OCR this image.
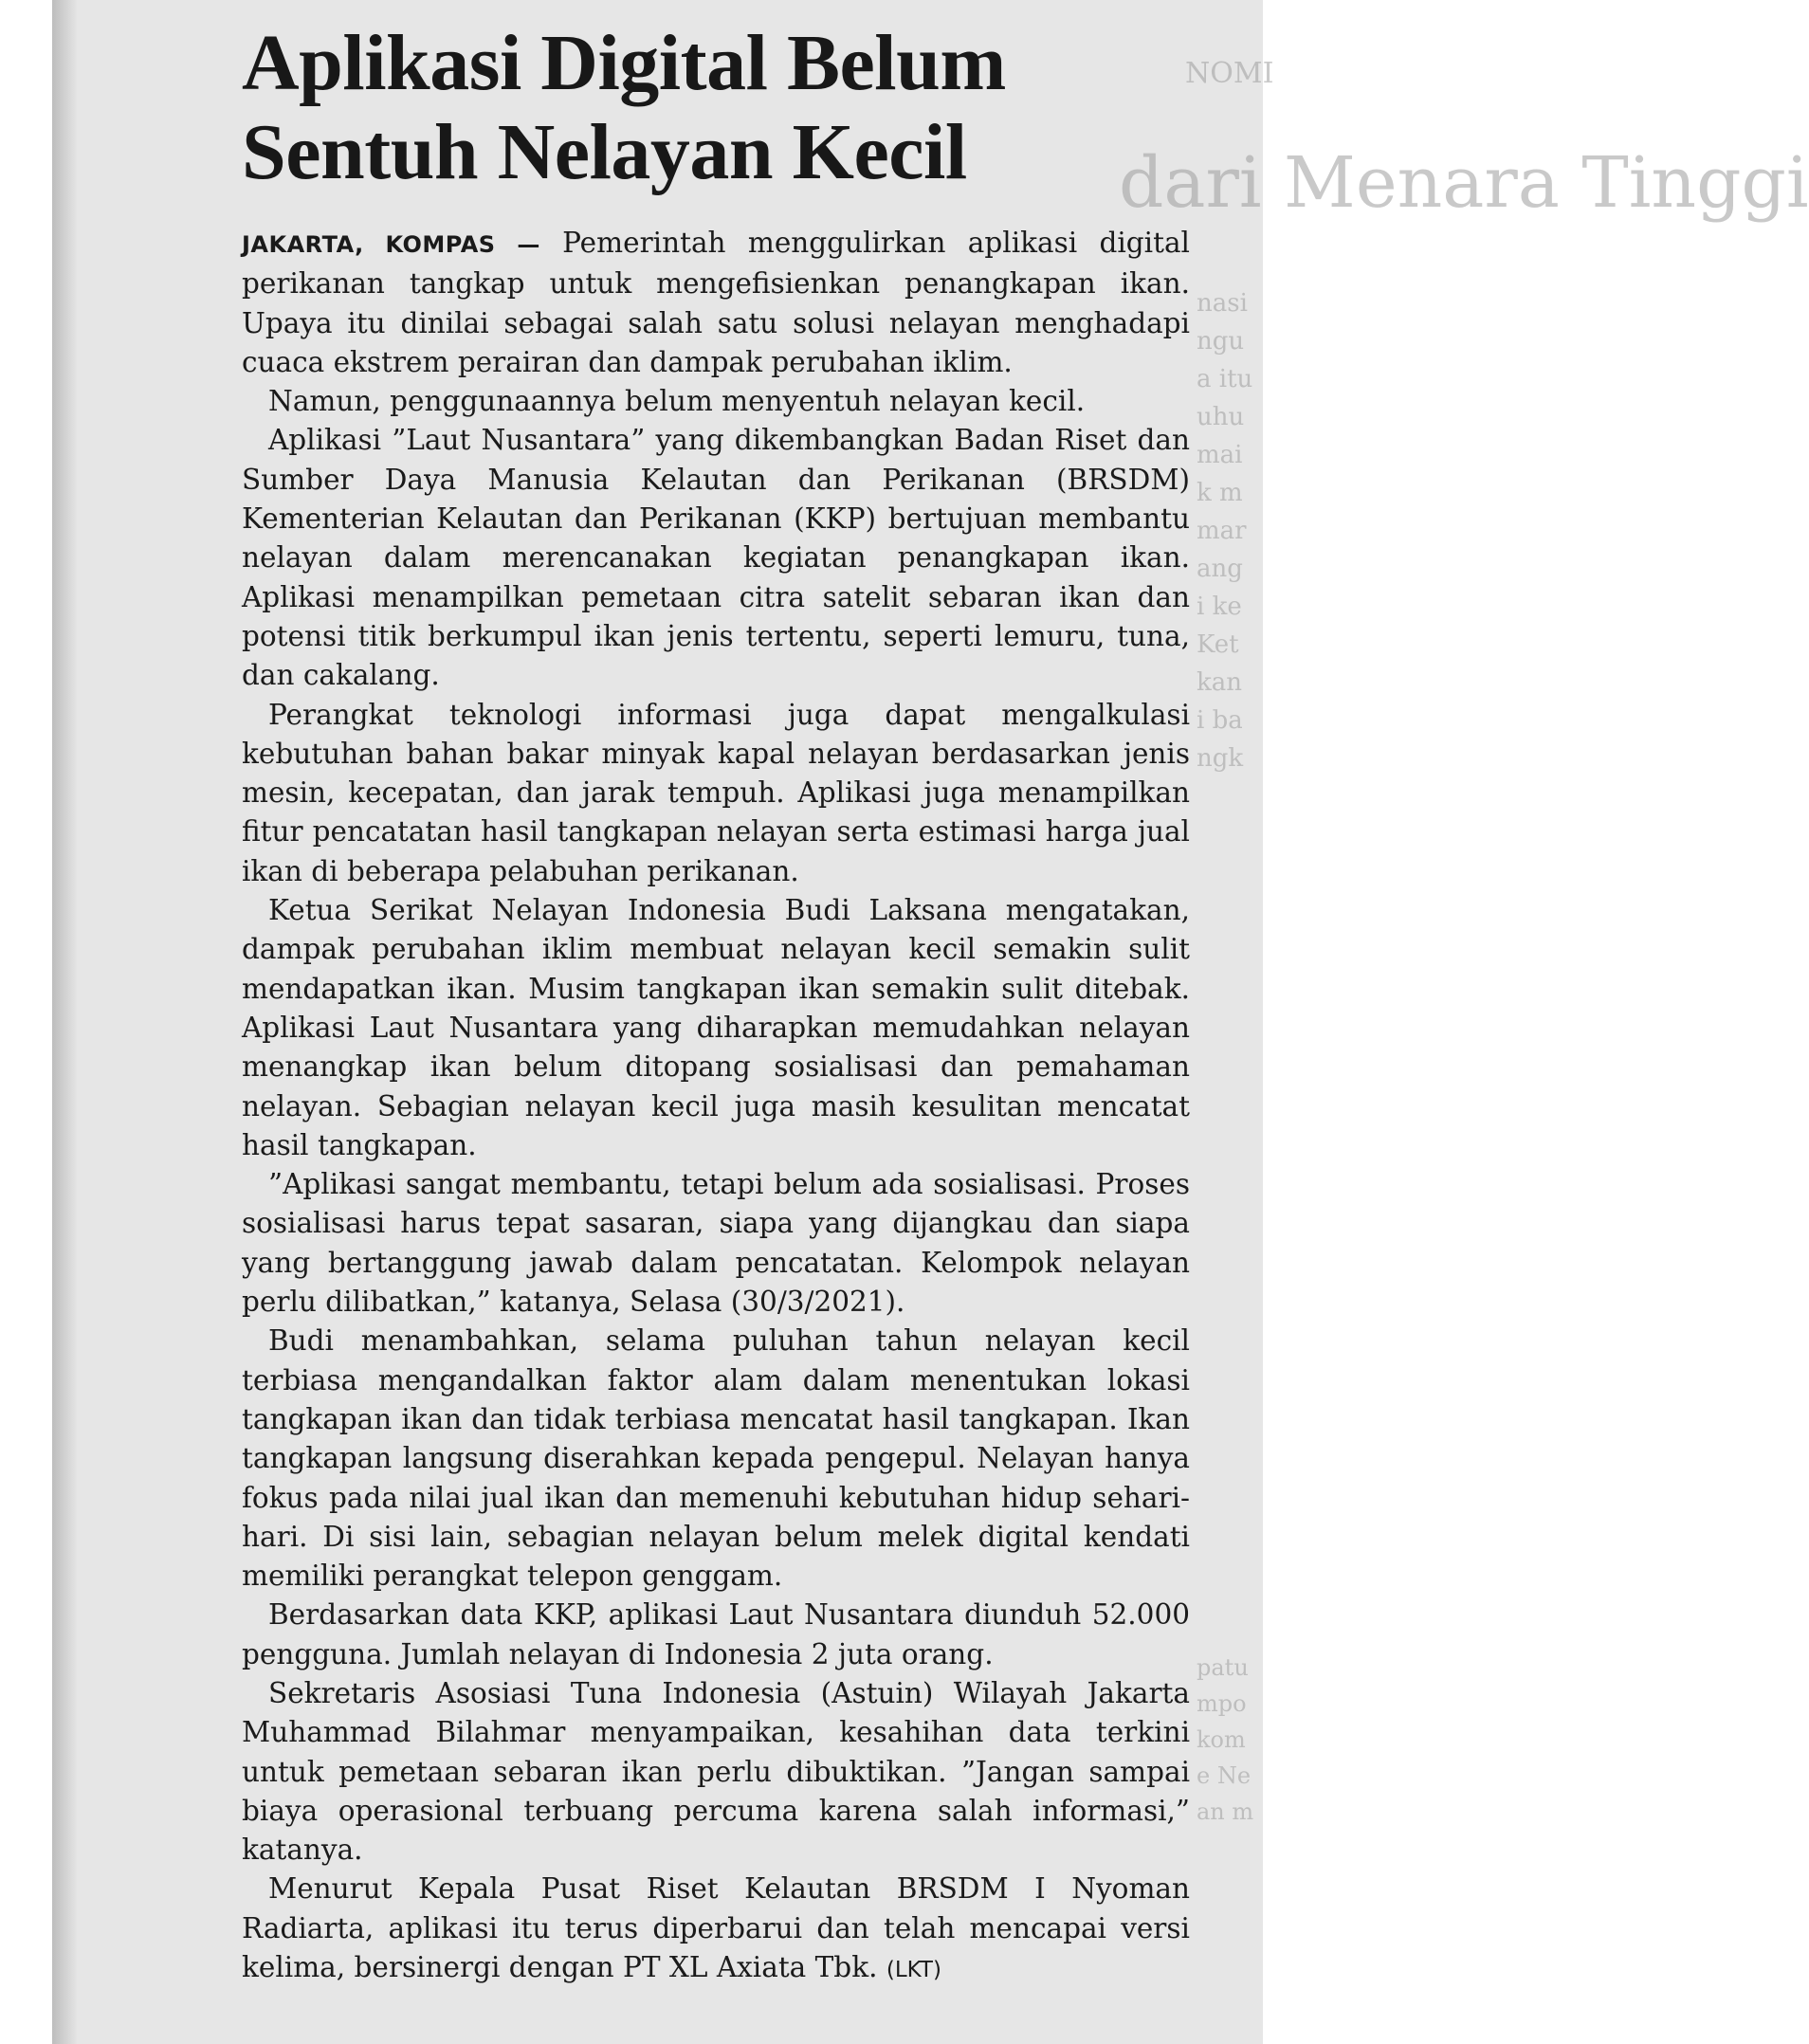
NOMI
dari Menara Tinggi
nasi
ngu
a itu
uhu
mai
k m
mar
ang
i ke
Ket
kan
i ba
ngk
patu
mpo
kom
e Ne
an m
Aplikasi Digital Belum
Sentuh Nelayan Kecil

JAKARTA, KOMPAS — Pemerintah menggulirkan aplikasi digital perikanan tangkap untuk mengefisienkan penangkapan ikan. Upaya itu dinilai sebagai salah satu solusi nelayan menghadapi cuaca ekstrem perairan dan dampak perubahan iklim.

Namun, penggunaannya belum menyentuh nelayan kecil.

Aplikasi ”Laut Nusantara” yang dikembangkan Badan Riset dan Sumber Daya Manusia Kelautan dan Perikanan (BRSDM) Kementerian Kelautan dan Perikanan (KKP) bertujuan membantu nelayan dalam merencanakan kegiatan penangkapan ikan. Aplikasi menampilkan pemetaan citra satelit sebaran ikan dan potensi titik berkumpul ikan jenis tertentu, seperti lemuru, tuna, dan cakalang.

Perangkat teknologi informasi juga dapat mengalkulasi kebutuhan bahan bakar minyak kapal nelayan berdasarkan jenis mesin, kecepatan, dan jarak tempuh. Aplikasi juga menampilkan fitur pencatatan hasil tangkapan nelayan serta estimasi harga jual ikan di beberapa pelabuhan perikanan.

Ketua Serikat Nelayan Indonesia Budi Laksana mengatakan, dampak perubahan iklim membuat nelayan kecil semakin sulit mendapatkan ikan. Musim tangkapan ikan semakin sulit ditebak. Aplikasi Laut Nusantara yang diharapkan memudahkan nelayan menangkap ikan belum ditopang sosialisasi dan pemahaman nelayan. Sebagian nelayan kecil juga masih kesulitan mencatat hasil tangkapan.

”Aplikasi sangat membantu, tetapi belum ada sosialisasi. Proses sosialisasi harus tepat sasaran, siapa yang dijangkau dan siapa yang bertanggung jawab dalam pencatatan. Kelompok nelayan perlu dilibatkan,” katanya, Selasa (30/3/2021).

Budi menambahkan, selama puluhan tahun nelayan kecil terbiasa mengandalkan faktor alam dalam menentukan lokasi tangkapan ikan dan tidak terbiasa mencatat hasil tangkapan. Ikan tangkapan langsung diserahkan kepada pengepul. Nelayan hanya fokus pada nilai jual ikan dan memenuhi kebutuhan hidup sehari-hari. Di sisi lain, sebagian nelayan belum melek digital kendati memiliki perangkat telepon genggam.

Berdasarkan data KKP, aplikasi Laut Nusantara diunduh 52.000 pengguna. Jumlah nelayan di Indonesia 2 juta orang.

Sekretaris Asosiasi Tuna Indonesia (Astuin) Wilayah Jakarta Muhammad Bilahmar menyampaikan, kesahihan data terkini untuk pemetaan sebaran ikan perlu dibuktikan. ”Jangan sampai biaya operasional terbuang percuma karena salah informasi,” katanya.

Menurut Kepala Pusat Riset Kelautan BRSDM I Nyoman Radiarta, aplikasi itu terus diperbarui dan telah mencapai versi kelima, bersinergi dengan PT XL Axiata Tbk. (LKT)
